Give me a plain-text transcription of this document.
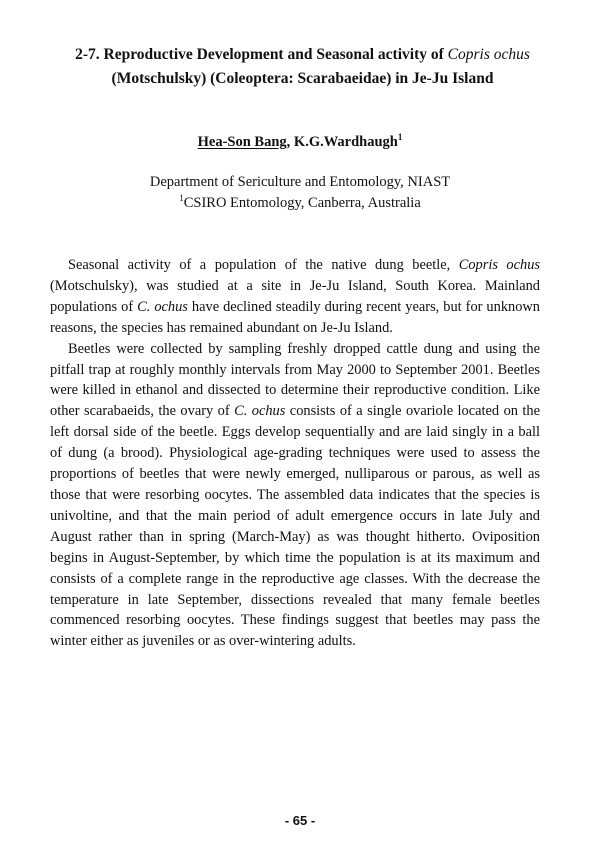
2-7. Reproductive Development and Seasonal activity of Copris ochus (Motschulsky) (Coleoptera: Scarabaeidae) in Je-Ju Island
Hea-Son Bang, K.G.Wardhaugh$^1$
Department of Sericulture and Entomology, NIAST
$^1$CSIRO Entomology, Canberra, Australia

Seasonal activity of a population of the native dung beetle, Copris ochus (Motschulsky), was studied at a site in Je-Ju Island, South Korea. Mainland populations of C. ochus have declined steadily during recent years, but for unknown reasons, the species has remained abundant on Je-Ju Island.

Beetles were collected by sampling freshly dropped cattle dung and using the pitfall trap at roughly monthly intervals from May 2000 to September 2001. Beetles were killed in ethanol and dissected to determine their reproductive condition. Like other scarabaeids, the ovary of C. ochus consists of a single ovariole located on the left dorsal side of the beetle. Eggs develop sequentially and are laid singly in a ball of dung (a brood). Physiological age-grading techniques were used to assess the proportions of beetles that were newly emerged, nulliparous or parous, as well as those that were resorbing oocytes. The assembled data indicates that the species is univoltine, and that the main period of adult emergence occurs in late July and August rather than in spring (March-May) as was thought hitherto. Oviposition begins in August-September, by which time the population is at its maximum and consists of a complete range in the reproductive age classes. With the decrease the temperature in late September, dissections revealed that many female beetles commenced resorbing oocytes. These findings suggest that beetles may pass the winter either as juveniles or as over-wintering adults.

- 65 -
